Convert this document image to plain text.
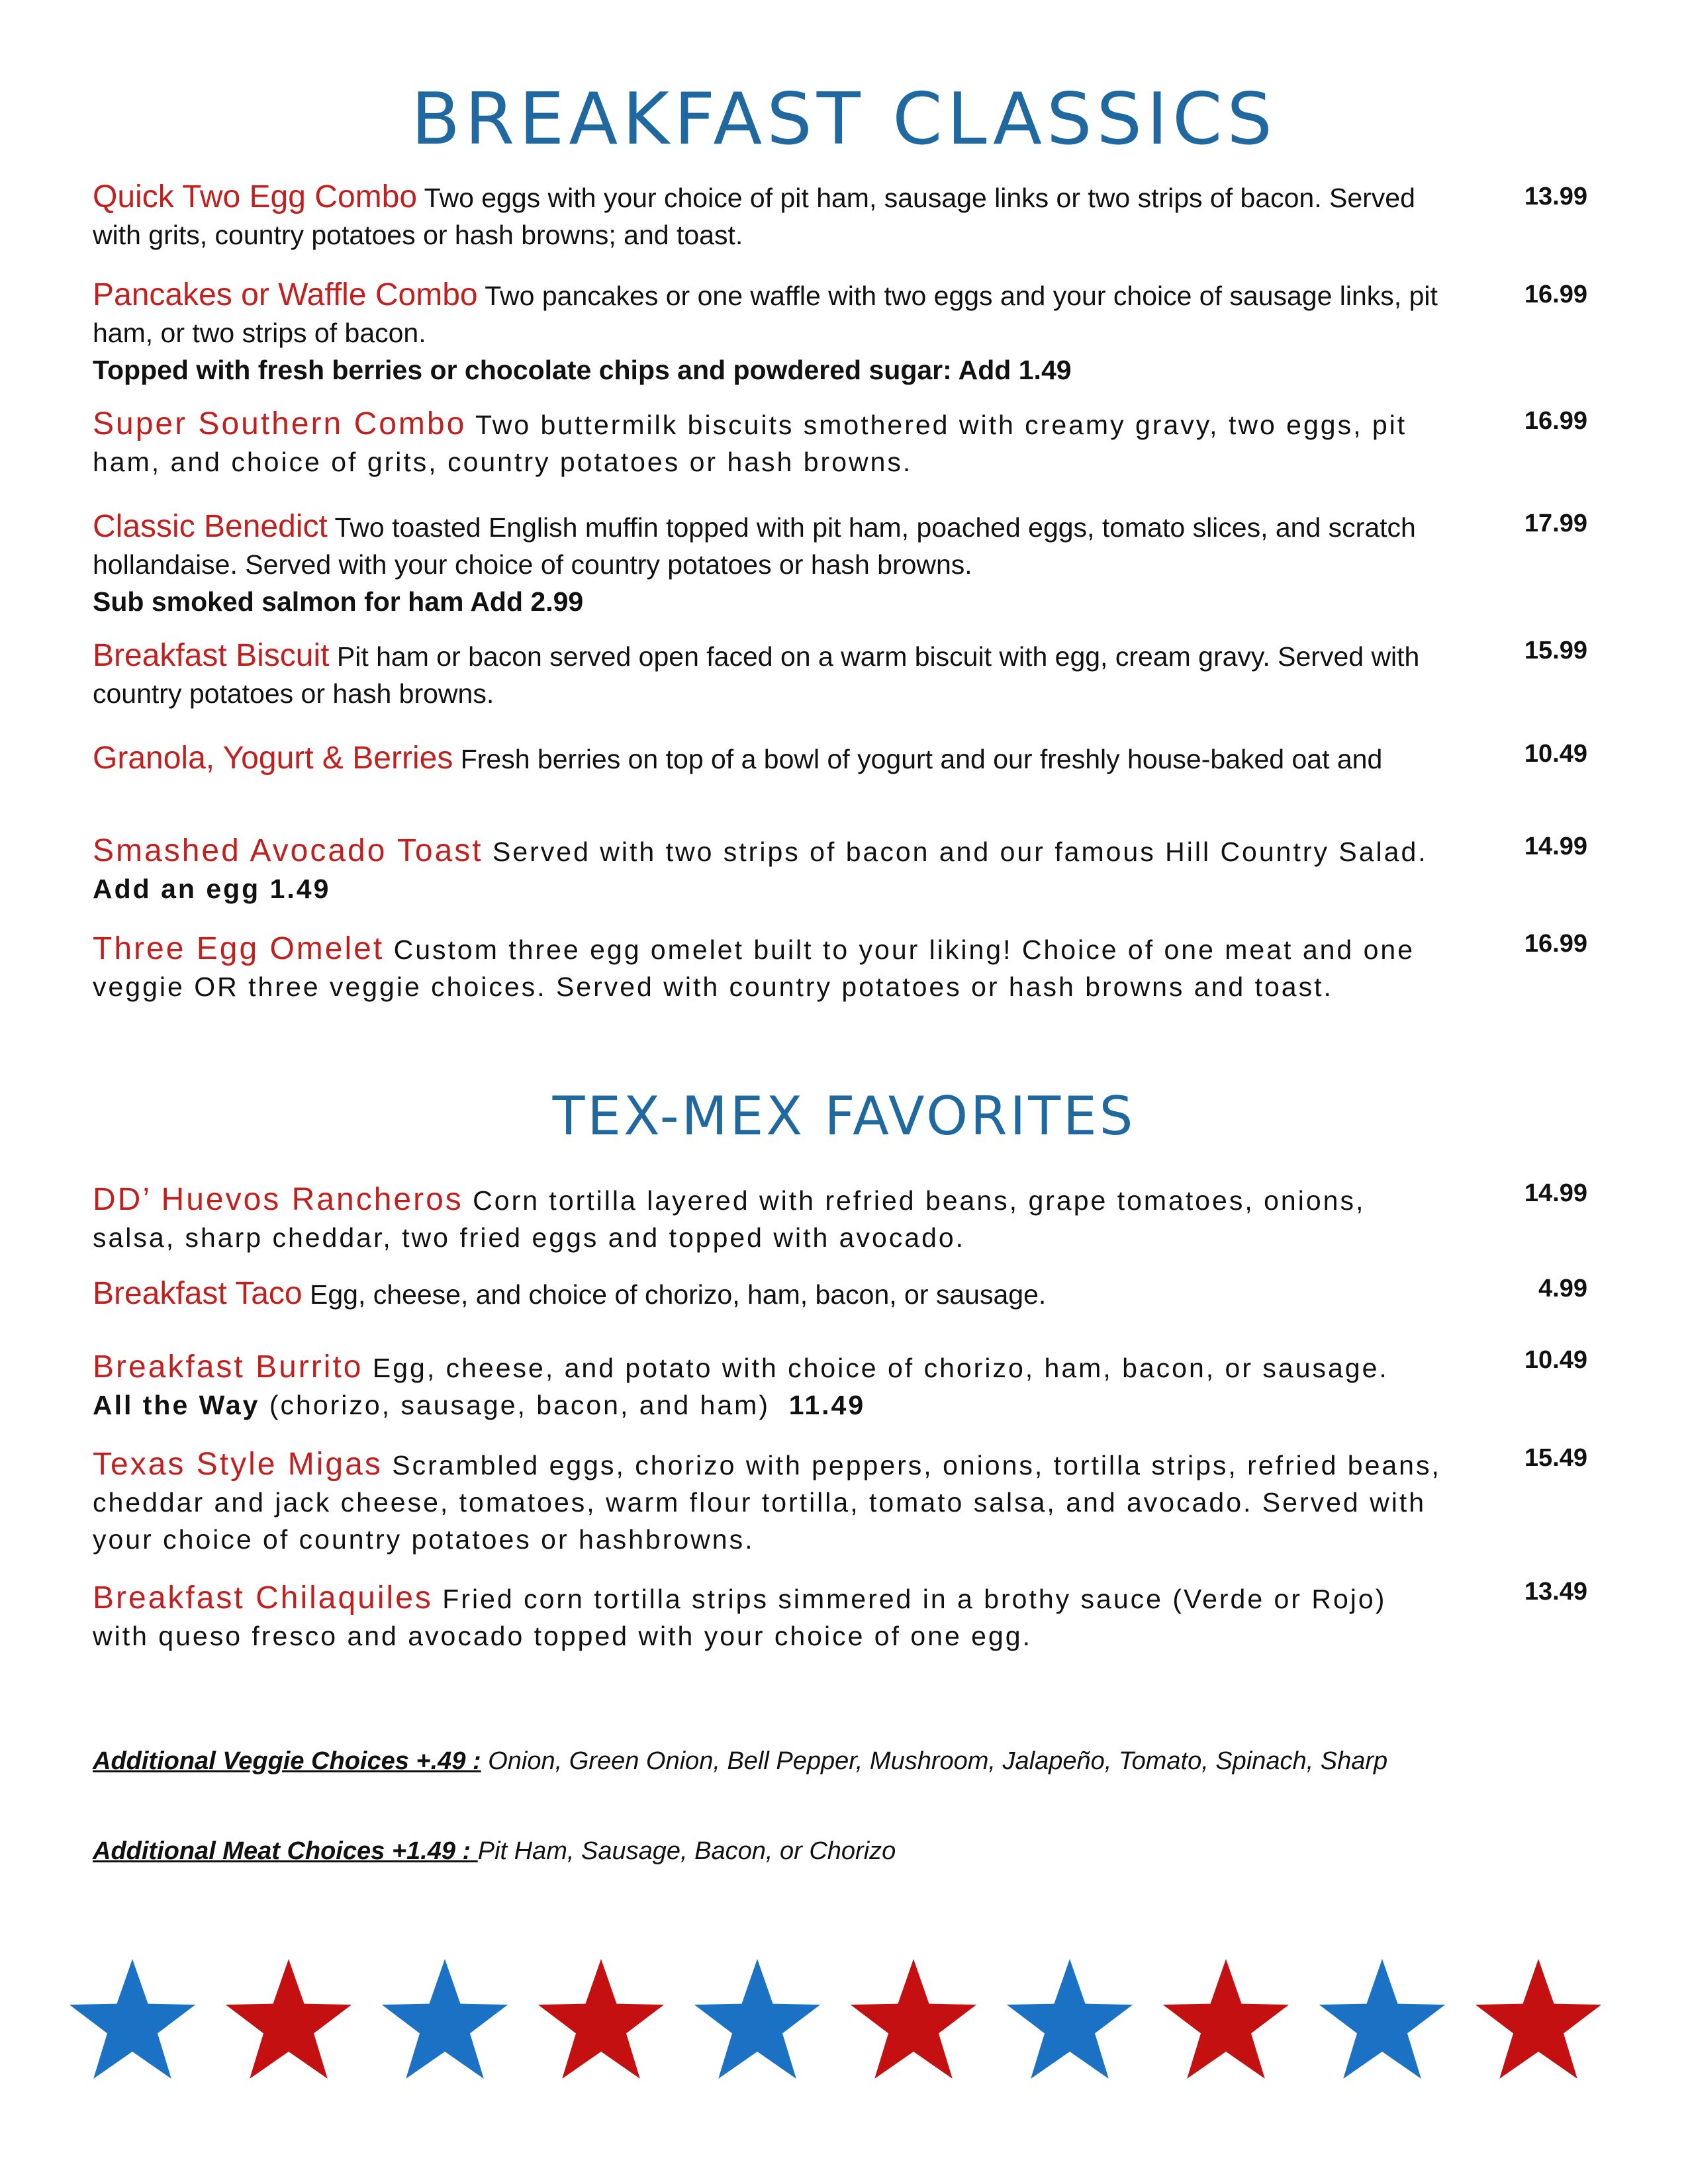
BREAKFAST CLASSICS
Quick Two Egg Combo Two eggs with your choice of pit ham, sausage links or two strips of bacon. Served with grits, country potatoes or hash browns; and toast.
13.99
Pancakes or Waffle Combo Two pancakes or one waffle with two eggs and your choice of sausage links, pit ham, or two strips of bacon.
Topped with fresh berries or chocolate chips and powdered sugar: Add 1.49
16.99
Super Southern Combo Two buttermilk biscuits smothered with creamy gravy, two eggs, pit ham, and choice of grits, country potatoes or hash browns.
16.99
Classic Benedict Two toasted English muffin topped with pit ham, poached eggs, tomato slices, and scratch hollandaise. Served with your choice of country potatoes or hash browns.
Sub smoked salmon for ham Add 2.99
17.99
Breakfast Biscuit Pit ham or bacon served open faced on a warm biscuit with egg, cream gravy. Served with country potatoes or hash browns.
15.99
Granola, Yogurt & Berries Fresh berries on top of a bowl of yogurt and our freshly house-baked oat and	10.49
Smashed Avocado Toast Served with two strips of bacon and our famous Hill Country Salad.
Add an egg 1.49
14.99
Three Egg Omelet Custom three egg omelet built to your liking! Choice of one meat and one veggie OR three veggie choices. Served with country potatoes or hash browns and toast.
16.99
TEX-MEX FAVORITES
DD’ Huevos Rancheros Corn tortilla layered with refried beans, grape tomatoes, onions, salsa, sharp cheddar, two fried eggs and topped with avocado.
14.99
Breakfast Taco Egg, cheese, and choice of chorizo, ham, bacon, or sausage.	4.99
Breakfast Burrito Egg, cheese, and potato with choice of chorizo, ham, bacon, or sausage.
All the Way (chorizo, sausage, bacon, and ham) 11.49
10.49
Texas Style Migas Scrambled eggs, chorizo with peppers, onions, tortilla strips, refried beans, cheddar and jack cheese, tomatoes, warm flour tortilla, tomato salsa, and avocado. Served with your choice of country potatoes or hashbrowns.
15.49
Breakfast Chilaquiles Fried corn tortilla strips simmered in a brothy sauce (Verde or Rojo) with queso fresco and avocado topped with your choice of one egg.
13.49
Additional Veggie Choices +.49 : Onion, Green Onion, Bell Pepper, Mushroom, Jalapeño, Tomato, Spinach, Sharp
Additional Meat Choices +1.49 : Pit Ham, Sausage, Bacon, or Chorizo
